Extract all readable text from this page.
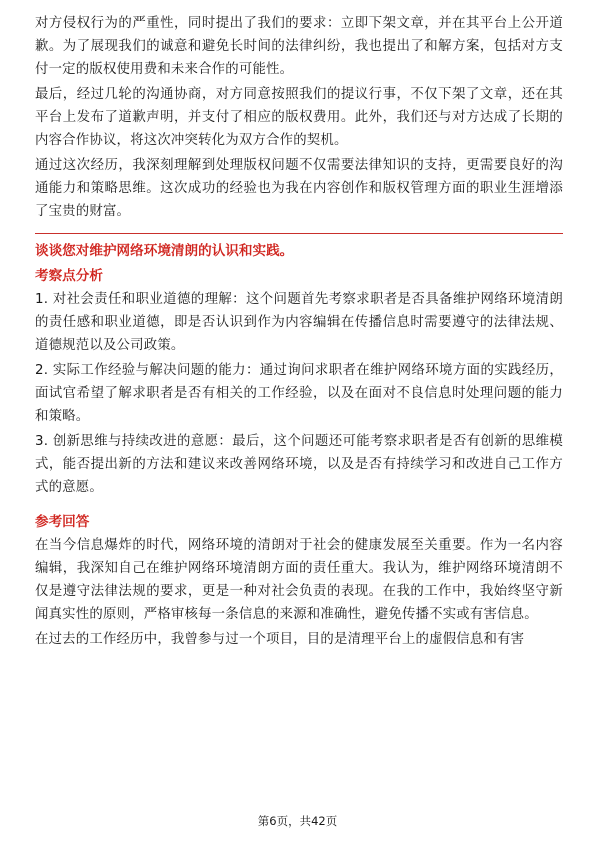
对方侵权行为的严重性，同时提出了我们的要求：立即下架文章，并在其平台上公开道歉。为了展现我们的诚意和避免长时间的法律纠纷，我也提出了和解方案，包括对方支付一定的版权使用费和未来合作的可能性。

最后，经过几轮的沟通协商，对方同意按照我们的提议行事，不仅下架了文章，还在其平台上发布了道歉声明，并支付了相应的版权费用。此外，我们还与对方达成了长期的内容合作协议，将这次冲突转化为双方合作的契机。

通过这次经历，我深刻理解到处理版权问题不仅需要法律知识的支持，更需要良好的沟通能力和策略思维。这次成功的经验也为我在内容创作和版权管理方面的职业生涯增添了宝贵的财富。

谈谈您对维护网络环境清朗的认识和实践。

考察点分析

1. 对社会责任和职业道德的理解：这个问题首先考察求职者是否具备维护网络环境清朗的责任感和职业道德，即是否认识到作为内容编辑在传播信息时需要遵守的法律法规、道德规范以及公司政策。

2. 实际工作经验与解决问题的能力：通过询问求职者在维护网络环境方面的实践经历，面试官希望了解求职者是否有相关的工作经验，以及在面对不良信息时处理问题的能力和策略。

3. 创新思维与持续改进的意愿：最后，这个问题还可能考察求职者是否有创新的思维模式，能否提出新的方法和建议来改善网络环境，以及是否有持续学习和改进自己工作方式的意愿。

参考回答

在当今信息爆炸的时代，网络环境的清朗对于社会的健康发展至关重要。作为一名内容编辑，我深知自己在维护网络环境清朗方面的责任重大。我认为，维护网络环境清朗不仅是遵守法律法规的要求，更是一种对社会负责的表现。在我的工作中，我始终坚守新闻真实性的原则，严格审核每一条信息的来源和准确性，避免传播不实或有害信息。

在过去的工作经历中，我曾参与过一个项目，目的是清理平台上的虚假信息和有害

第6页，共42页
